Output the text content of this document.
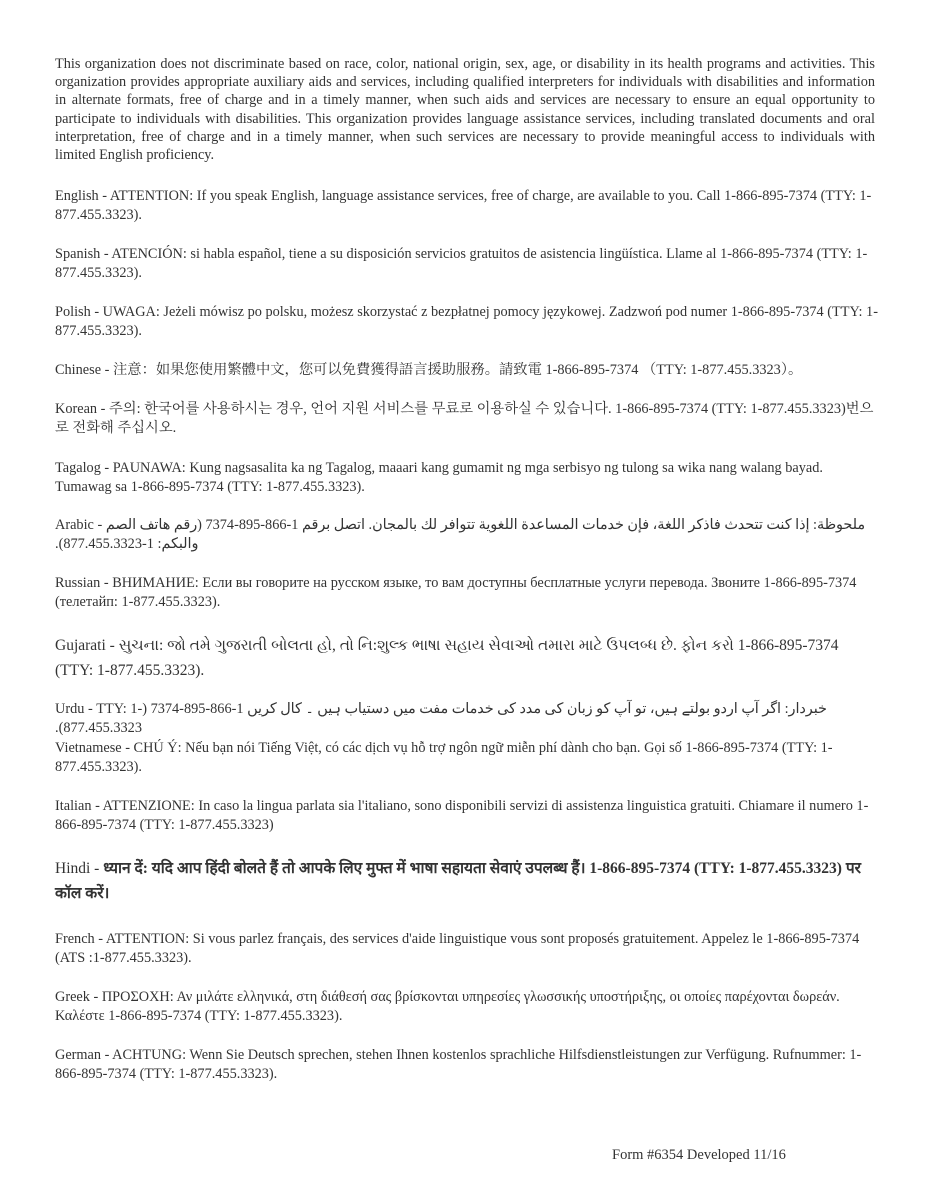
This organization does not discriminate based on race, color, national origin, sex, age, or disability in its health programs and activities. This organization provides appropriate auxiliary aids and services, including qualified interpreters for individuals with disabilities and information in alternate formats, free of charge and in a timely manner, when such aids and services are necessary to ensure an equal opportunity to participate to individuals with disabilities. This organization provides language assistance services, including translated documents and oral interpretation, free of charge and in a timely manner, when such services are necessary to provide meaningful access to individuals with limited English proficiency.

English - ATTENTION: If you speak English, language assistance services, free of charge, are available to you. Call 1-866-895-7374 (TTY: 1-877.455.3323).

Spanish - ATENCIÓN: si habla español, tiene a su disposición servicios gratuitos de asistencia lingüística. Llame al 1-866-895-7374 (TTY: 1-877.455.3323).

Polish - UWAGA: Jeżeli mówisz po polsku, możesz skorzystać z bezpłatnej pomocy językowej. Zadzwoń pod numer 1-866-895-7374 (TTY: 1-877.455.3323).

Chinese - 注意：如果您使用繁體中文，您可以免費獲得語言援助服務。請致電 1-866-895-7374 （TTY: 1-877.455.3323）。

Korean - 주의: 한국어를 사용하시는 경우, 언어 지원 서비스를 무료로 이용하실 수 있습니다. 1-866-895-7374 (TTY: 1-877.455.3323)번으로 전화해 주십시오.

Tagalog - PAUNAWA: Kung nagsasalita ka ng Tagalog, maaari kang gumamit ng mga serbisyo ng tulong sa wika nang walang bayad. Tumawag sa 1-866-895-7374 (TTY: 1-877.455.3323).

Arabic - ملحوظة: إذا كنت تتحدث فاذكر اللغة، فإن خدمات المساعدة اللغوية تتوافر لك بالمجان. اتصل برقم 1-866-895-7374 (رقم هاتف الصم والبكم: 1-877.455.3323).

Russian - ВНИМАНИЕ: Если вы говорите на русском языке, то вам доступны бесплатные услуги перевода. Звоните 1-866-895-7374 (телетайп: 1-877.455.3323).

Gujarati - સુચના: જો તમે ગુજરાતી બોલતા હો, તો નિ:શુલ્ક ભાષા સહાય સેવાઓ તમારા માટે ઉપલબ્ધ છે. ફોન કરો 1-866-895-7374 (TTY: 1-877.455.3323).

Urdu - خبردار: اگر آپ اردو بولتے ہیں، تو آپ کو زبان کی مدد کی خدمات مفت میں دستیاب ہیں ۔ کال کریں 1-866-895-7374 (TTY: 1-877.455.3323).

Vietnamese - CHÚ Ý: Nếu bạn nói Tiếng Việt, có các dịch vụ hỗ trợ ngôn ngữ miễn phí dành cho bạn. Gọi số 1-866-895-7374 (TTY: 1-877.455.3323).

Italian - ATTENZIONE: In caso la lingua parlata sia l'italiano, sono disponibili servizi di assistenza linguistica gratuiti. Chiamare il numero 1-866-895-7374 (TTY: 1-877.455.3323)

Hindi - ध्यान दें: यदि आप हिंदी बोलते हैं तो आपके लिए मुफ्त में भाषा सहायता सेवाएं उपलब्ध हैं। 1-866-895-7374 (TTY: 1-877.455.3323) पर कॉल करें।

French - ATTENTION: Si vous parlez français, des services d'aide linguistique vous sont proposés gratuitement. Appelez le 1-866-895-7374 (ATS :1-877.455.3323).

Greek - ΠΡΟΣΟΧΗ: Αν μιλάτε ελληνικά, στη διάθεσή σας βρίσκονται υπηρεσίες γλωσσικής υποστήριξης, οι οποίες παρέχονται δωρεάν. Καλέστε 1-866-895-7374 (TTY: 1-877.455.3323).

German - ACHTUNG: Wenn Sie Deutsch sprechen, stehen Ihnen kostenlos sprachliche Hilfsdienstleistungen zur Verfügung. Rufnummer: 1-866-895-7374 (TTY: 1-877.455.3323).

Form #6354 Developed 11/16
